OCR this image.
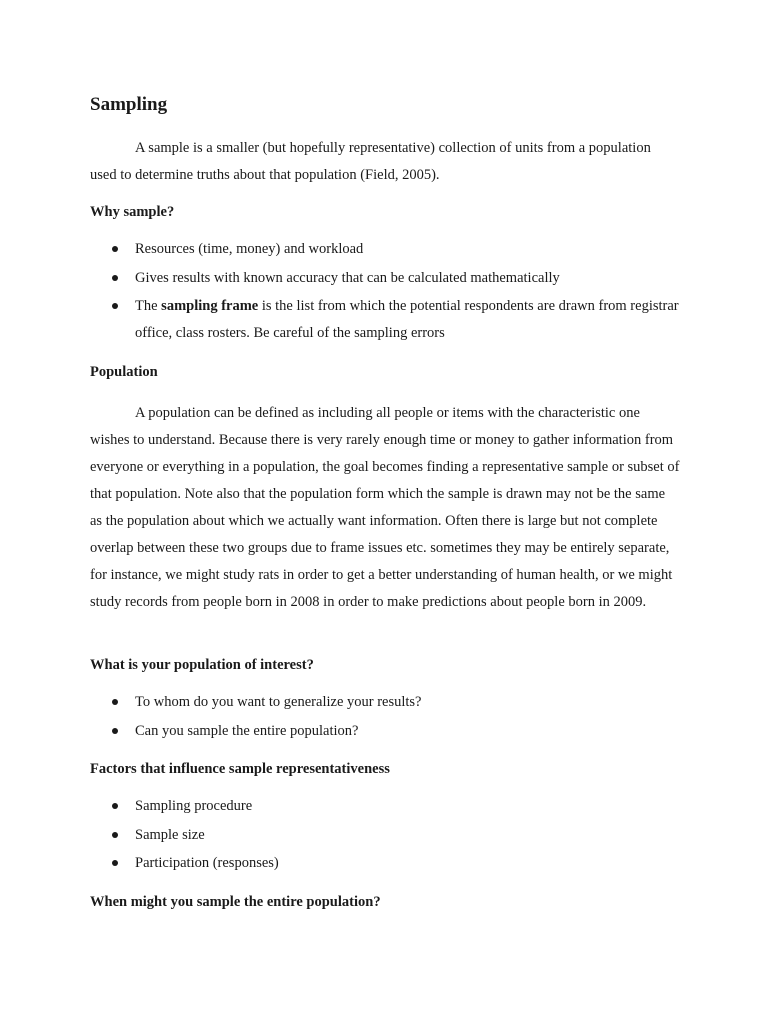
Sampling

A sample is a smaller (but hopefully representative) collection of units from a population used to determine truths about that population (Field, 2005).

Why sample?

Resources (time, money) and workload
Gives results with known accuracy that can be calculated mathematically
The sampling frame is the list from which the potential respondents are drawn from registrar office, class rosters. Be careful of the sampling errors

Population

A population can be defined as including all people or items with the characteristic one wishes to understand. Because there is very rarely enough time or money to gather information from everyone or everything in a population, the goal becomes finding a representative sample or subset of that population. Note also that the population form which the sample is drawn may not be the same as the population about which we actually want information. Often there is large but not complete overlap between these two groups due to frame issues etc. sometimes they may be entirely separate, for instance, we might study rats in order to get a better understanding of human health, or we might study records from people born in 2008 in order to make predictions about people born in 2009.

What is your population of interest?

To whom do you want to generalize your results?
Can you sample the entire population?

Factors that influence sample representativeness

Sampling procedure
Sample size
Participation (responses)

When might you sample the entire population?
